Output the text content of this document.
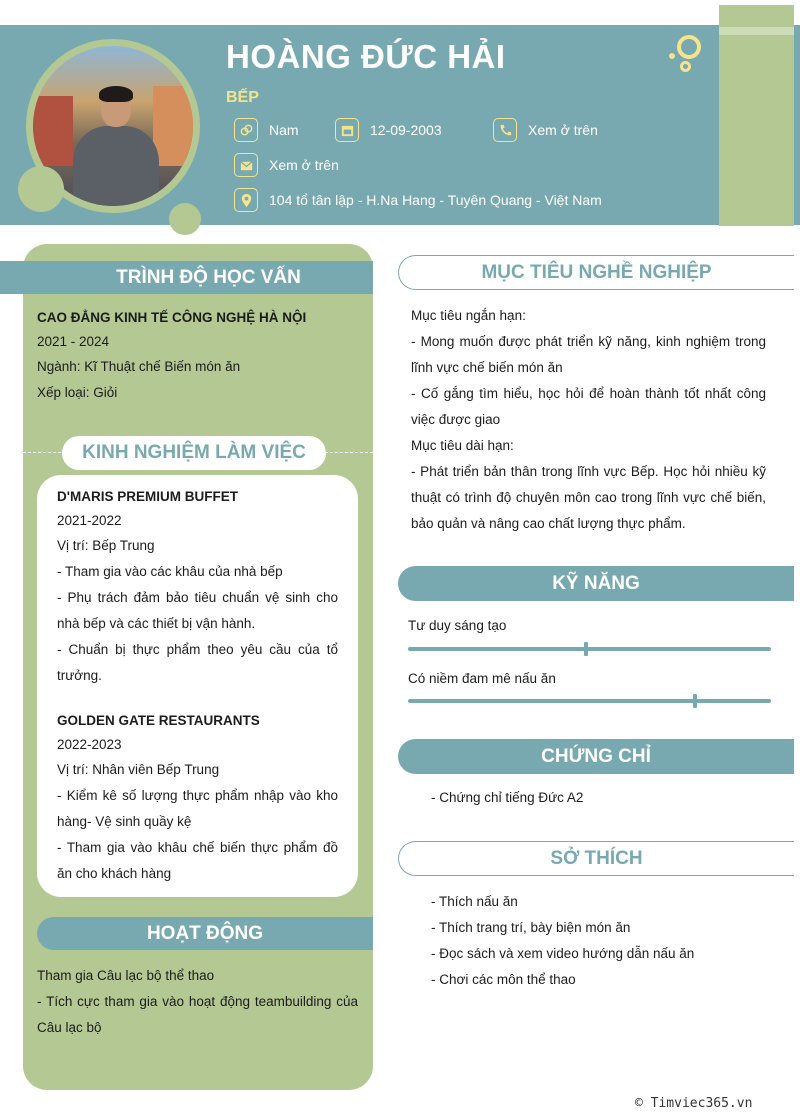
HOÀNG ĐỨC HẢI
BẾP
Nam	12-09-2003	Xem ở trên
Xem ở trên
104 tổ tân lập - H.Na Hang - Tuyên Quang - Việt Nam
TRÌNH ĐỘ HỌC VẤN
CAO ĐẲNG KINH TẾ CÔNG NGHỆ HÀ NỘI
2021 - 2024
Ngành: Kĩ Thuật chế Biến món ăn
Xếp loại: Giỏi
KINH NGHIỆM LÀM VIỆC
D'MARIS PREMIUM BUFFET
2021-2022
Vị trí: Bếp Trung
- Tham gia vào các khâu của nhà bếp
- Phụ trách đảm bảo tiêu chuẩn vệ sinh cho nhà bếp và các thiết bị vận hành.
- Chuẩn bị thực phẩm theo yêu cầu của tổ trưởng.
GOLDEN GATE RESTAURANTS
2022-2023
Vị trí: Nhân viên Bếp Trung
- Kiểm kê số lượng thực phẩm nhập vào kho hàng- Vệ sinh quầy kệ
- Tham gia vào khâu chế biến thực phẩm đồ ăn cho khách hàng
HOẠT ĐỘNG
Tham gia Câu lạc bộ thể thao
- Tích cực tham gia vào hoạt động teambuilding của Câu lạc bộ
MỤC TIÊU NGHỀ NGHIỆP
Mục tiêu ngắn hạn:
- Mong muốn được phát triển kỹ năng, kinh nghiệm trong lĩnh vực chế biến món ăn
- Cố gắng tìm hiểu, học hỏi để hoàn thành tốt nhất công việc được giao
Mục tiêu dài hạn:
- Phát triển bản thân trong lĩnh vực Bếp. Học hỏi nhiều kỹ thuật có trình độ chuyên môn cao trong lĩnh vực chế biến, bảo quản và nâng cao chất lượng thực phẩm.
KỸ NĂNG
Tư duy sáng tạo
Có niềm đam mê nấu ăn
CHỨNG CHỈ
- Chứng chỉ tiếng Đức A2
SỞ THÍCH
- Thích nấu ăn
- Thích trang trí, bày biện món ăn
- Đọc sách và xem video hướng dẫn nấu ăn
- Chơi các môn thể thao
© Timviec365.vn
